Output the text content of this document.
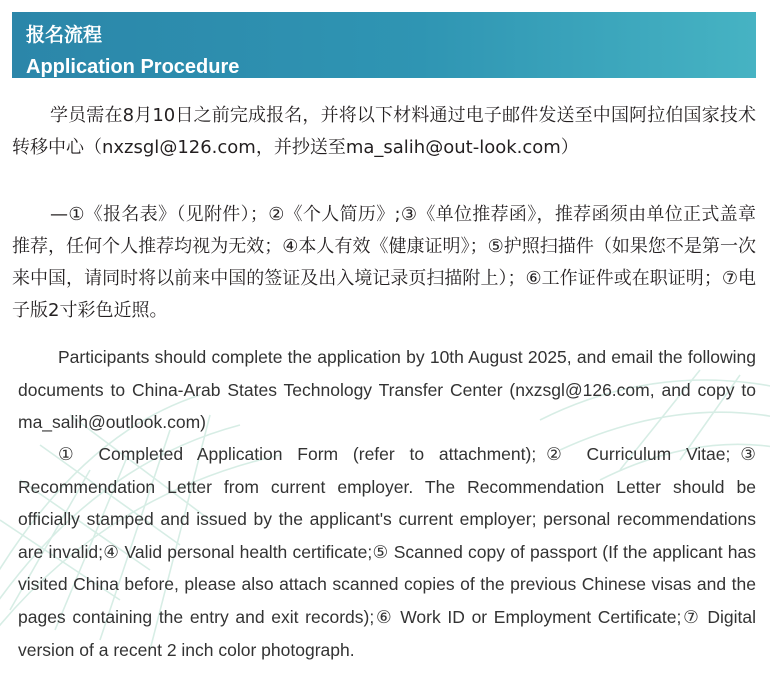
报名流程
Application Procedure

学员需在8月10日之前完成报名，并将以下材料通过电子邮件发送至中国阿拉伯国家技术转移中心（nxzsgl@126.com，并抄送至ma_salih@out-look.com）

—①《报名表》（见附件）；②《个人简历》;③《单位推荐函》，推荐函须由单位正式盖章推荐，任何个人推荐均视为无效；④本人有效《健康证明》；⑤护照扫描件（如果您不是第一次来中国，请同时将以前来中国的签证及出入境记录页扫描附上）；⑥工作证件或在职证明；⑦电子版2寸彩色近照。

Participants should complete the application by 10th August 2025, and email the following documents to China-Arab States Technology Transfer Center (nxzsgl@126.com, and copy to ma_salih@outlook.com)

① Completed Application Form (refer to attachment);② Curriculum Vitae;③ Recommendation Letter from current employer. The Recommendation Letter should be officially stamped and issued by the applicant's current employer; personal recommendations are invalid;④ Valid personal health certificate;⑤ Scanned copy of passport (If the applicant has visited China before, please also attach scanned copies of the previous Chinese visas and the pages containing the entry and exit records);⑥ Work ID or Employment Certificate;⑦ Digital version of a recent 2 inch color photograph.
